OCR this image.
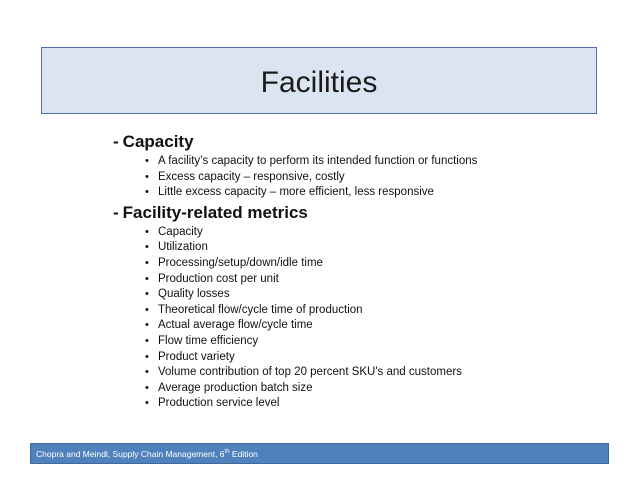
Facilities

- Capacity

• A facility’s capacity to perform its intended function or functions
• Excess capacity – responsive, costly
• Little excess capacity – more efficient, less responsive

- Facility-related metrics

• Capacity
• Utilization
• Processing/setup/down/idle time
• Production cost per unit
• Quality losses
• Theoretical flow/cycle time of production
• Actual average flow/cycle time
• Flow time efficiency
• Product variety
• Volume contribution of top 20 percent SKU's and customers
• Average production batch size
• Production service level
Chopra and Meindl, Supply Chain Management, 6th Edition
